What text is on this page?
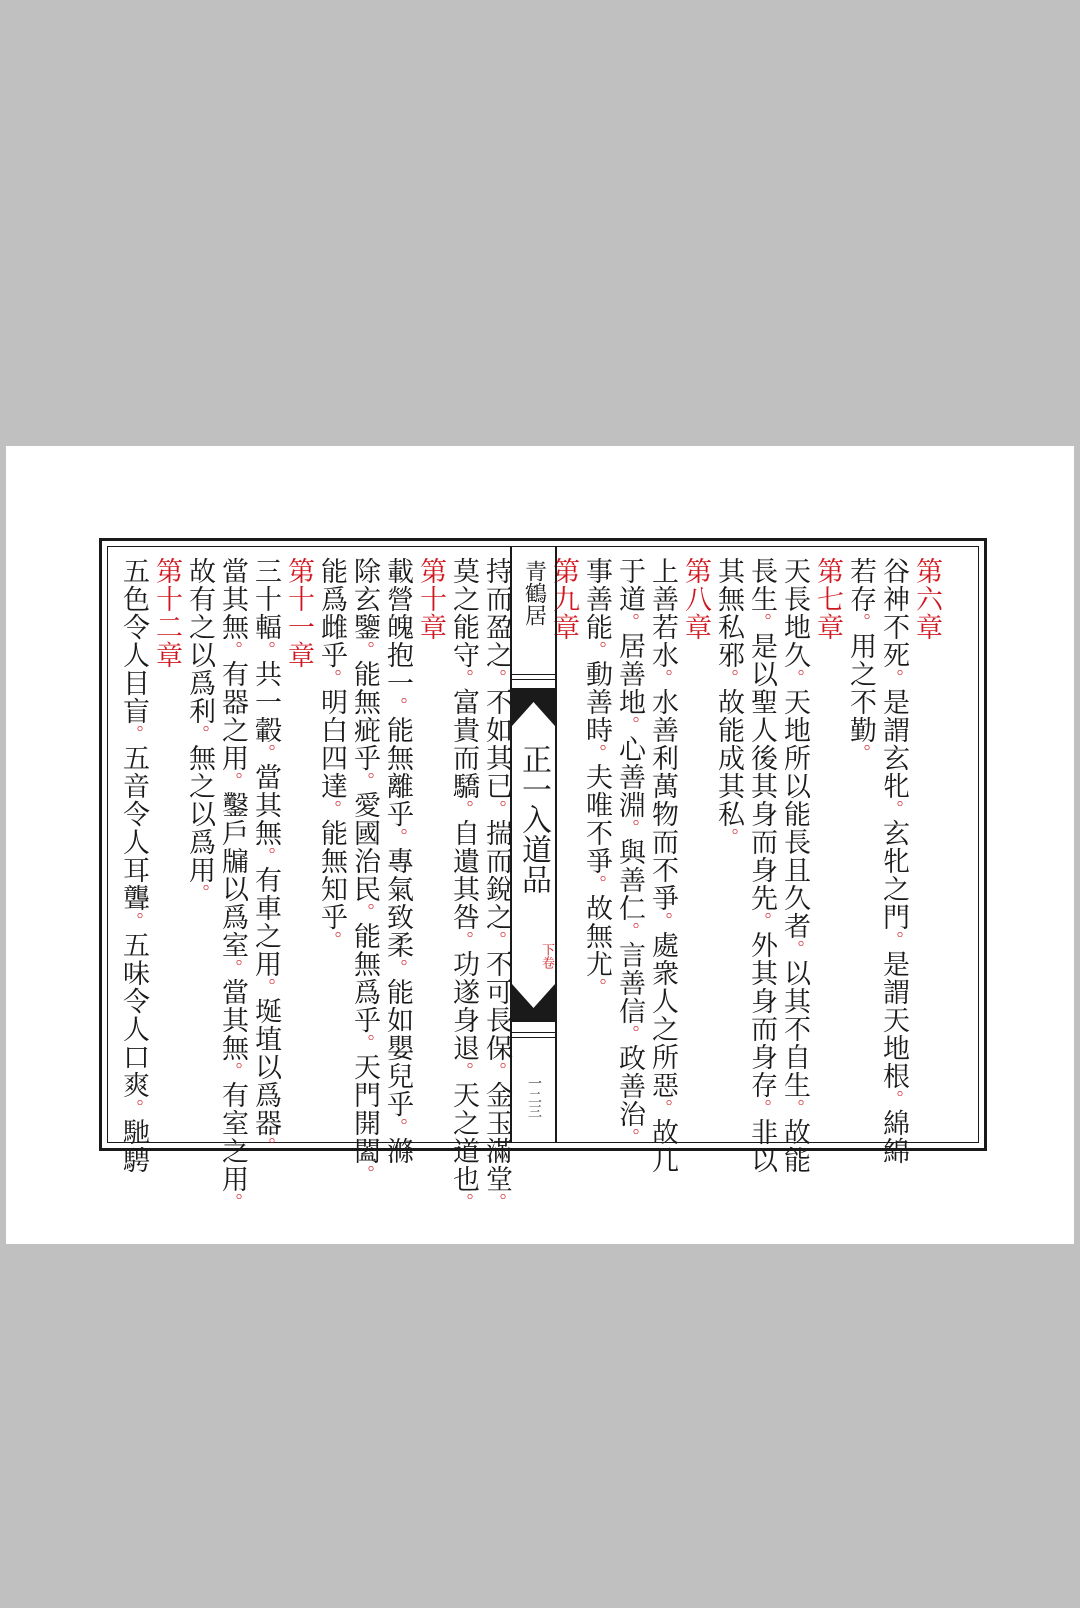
第六章
谷神不死。是謂玄牝。玄牝之門。是謂天地根。綿綿
若存。用之不勤。
第七章
天長地久。天地所以能長且久者。以其不自生。故能
長生。是以聖人後其身而身先。外其身而身存。非以
其無私邪。故能成其私。
第八章
上善若水。水善利萬物而不爭。處衆人之所惡。故几
于道。居善地。心善淵。與善仁。言善信。政善治。
事善能。動善時。夫唯不爭。故無尤。
第九章
青鶴居
正一入道品
下卷
一二三
持而盈之。不如其已。揣而銳之。不可長保。金玉滿堂。
莫之能守。富貴而驕。自遺其咎。功遂身退。天之道也。
第十章
載營魄抱一。能無離乎。專氣致柔。能如嬰兒乎。滌
除玄鑒。能無疵乎。愛國治民。能無爲乎。天門開闔。
能爲雌乎。明白四達。能無知乎。
第十一章
三十輻。共一轂。當其無。有車之用。埏埴以爲器。
當其無。有器之用。鑿戶牖以爲室。當其無。有室之用。
故有之以爲利。無之以爲用。
第十二章
五色令人目盲。五音令人耳聾。五味令人口爽。馳騁
